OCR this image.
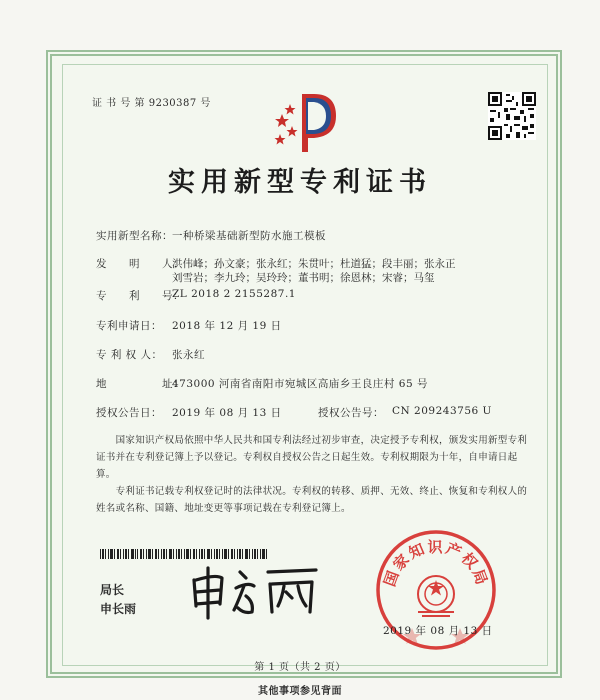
证 书 号 第 9230387 号
实用新型专利证书
实用新型名称： 一种桥梁基础新型防水施工模板
发　　明　　人：
洪伟峰；孙文豪；张永红；朱贯叶；杜道猛；段丰丽；张永正
刘雪岩；李九玲；吴玲玲；董书明；徐恩林；宋睿；马玺
专　　利　　号：
ZL 2018 2 2155287.1
专利申请日： 2018 年 12 月 19 日
专 利 权 人： 张永红
地　　　　　址：
473000 河南省南阳市宛城区高庙乡王良庄村 65 号
授权公告日： 2019 年 08 月 13 日	授权公告号： CN 209243756 U
　　国家知识产权局依照中华人民共和国专利法经过初步审查，决定授予专利权，颁发实用新型专利证书并在专利登记簿上予以登记。专利权自授权公告之日起生效。专利权期限为十年，自申请日起算。
　　专利证书记载专利权登记时的法律状况。专利权的转移、质押、无效、终止、恢复和专利权人的姓名或名称、国籍、地址变更等事项记载在专利登记簿上。
局长
申长雨
国家知识产权局
2019 年 08 月 13 日
第 1 页（共 2 页）
其他事项参见背面
